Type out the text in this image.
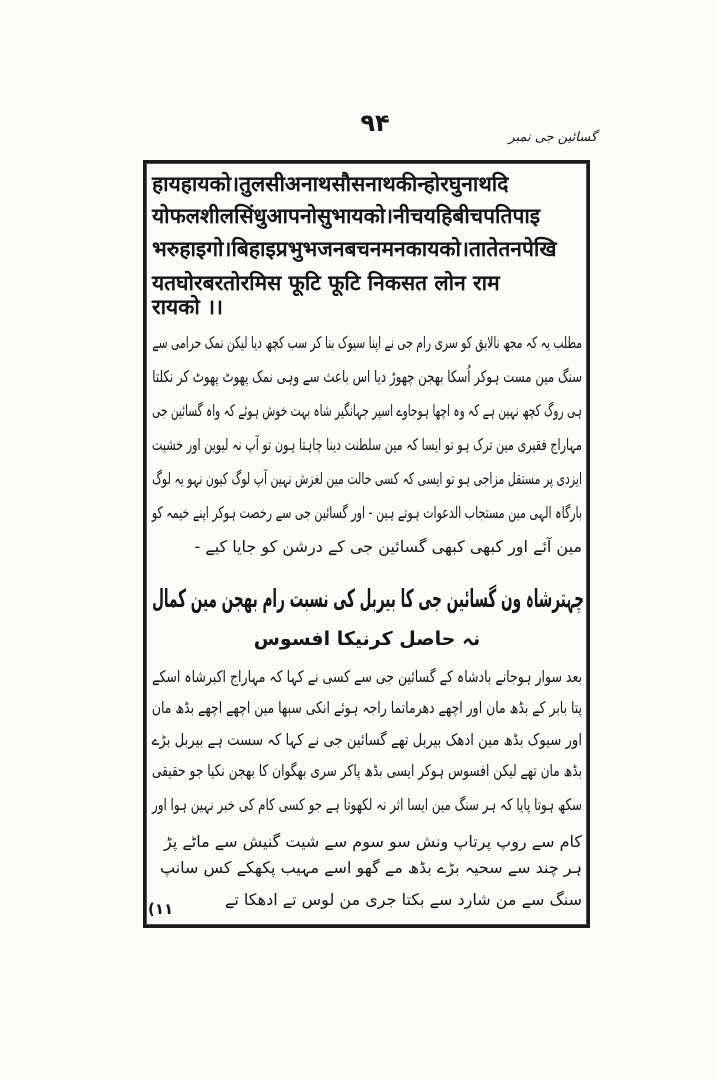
۹۴
گسائین جی نمبر
हायहायको।तुलसीअनाथसौसनाथकीन्होरघुनाथदि
योफलशीलसिंधुआपनोसुभायको।नीचयहिबीचपतिपाइ
भरुहाइगो।बिहाइप्रभुभजनबचनमनकायको।तातेतनपेखि
यतघोरबरतोरमिस फूटि फूटि निकसत लोन राम
रायको ।।
مطلب یہ کہ مجھ نالایق کو سری رام جی نے اپنا سیوک بنا کر سب کچھ دیا لیکن نمک حرامی سے
سنگ مین مست ہوکر اُسکا بھجن چھوڑ دیا اس باعث سے وہی نمک پھوٹ پھوٹ کر نکلتا
ہی روگ کچھ نہین ہے کہ وہ اچھا ہوجاوے اسپر جہانگیر شاہ بہت خوش ہوئے کہ واہ گسائین جی
مہاراج فقیری مین ترک ہو تو ایسا کہ مین سلطنت دینا چاہتا ہون تو آپ نہ لیوین اور خشیت
ایزدی پر مستقل مزاجی ہو تو ایسی کہ کسی حالت مین لغزش نہین آپ لوگ کیون نہو یہ لوگ
بارگاہ الہی مین مستجاب الدعوات ہوتے ہین - اور گسائین جی سے رخصت ہوکر اپنے خیمہ کو
مین آئے اور کبھی کبھی گسائین جی کے درشن کو جایا کیے -
چہترشاہ ون گسائین جی کا بیربل کی نسبت رام بھجن مین کمال
نہ حاصل کرنیکا افسوس
بعد سوار ہوجانے بادشاہ کے گسائین جی سے کسی نے کہا کہ مہاراج اکبرشاہ اسکے
پتا بابر کے بڈھ مان اور اچھے دھرماتما راجہ ہوئے انکی سبھا مین اچھے اچھے بڈھ مان
اور سیوک بڈھ مین ادھک بیربل تھے گسائین جی نے کہا کہ سست ہے بیربل بڑے
بڈھ مان تھے لیکن افسوس ہوکر ایسی بڈھ پاکر سری بھگوان کا بھجن نکیا جو حقیقی
سکھ ہوتا پایا کہ ہر سنگ مین ایسا اثر نہ لکھوتا ہے جو کسی کام کی خبر نہین ہوا اور
کام سے روپ پرتاپ ونش سو سوم سے شیت گنیش سے ماٹے پڑ
ہر چند سے سحیہ بڑے بڈھ مے گھو اسے مہیب پکھکے کس سانپ
سنگ سے من شارد سے بکتا جری من لوس تے ادھکا تے
(۱۱
